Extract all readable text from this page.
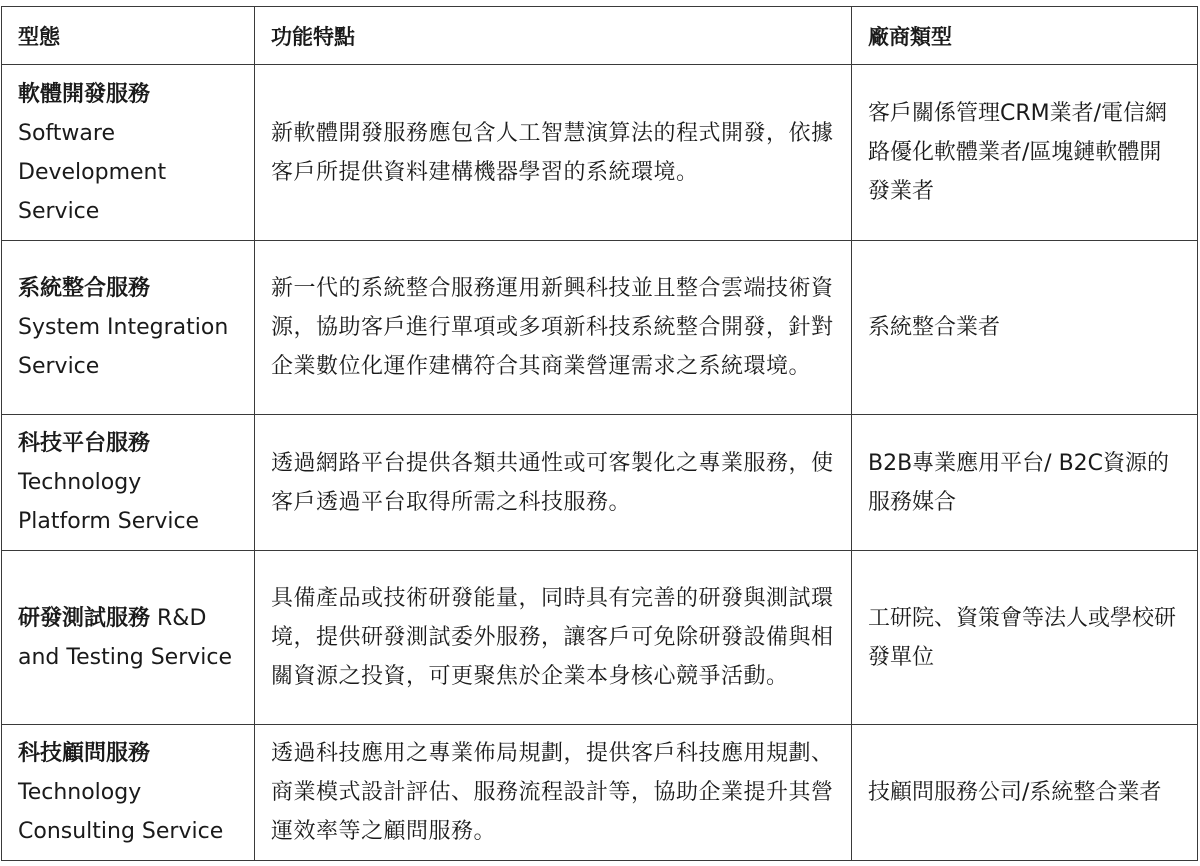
型態	功能特點	廠商類型
軟體開發服務 Software Development Service	新軟體開發服務應包含人工智慧演算法的程式開發，依據客戶所提供資料建構機器學習的系統環境。	客戶關係管理CRM業者/電信網路優化軟體業者/區塊鏈軟體開發業者
系統整合服務 System Integration Service	新一代的系統整合服務運用新興科技並且整合雲端技術資源，協助客戶進行單項或多項新科技系統整合開發，針對企業數位化運作建構符合其商業營運需求之系統環境。	系統整合業者
科技平台服務 Technology Platform Service	透過網路平台提供各類共通性或可客製化之專業服務，使客戶透過平台取得所需之科技服務。	B2B專業應用平台/ B2C資源的服務媒合
研發測試服務 R&D and Testing Service	具備產品或技術研發能量，同時具有完善的研發與測試環境，提供研發測試委外服務，讓客戶可免除研發設備與相關資源之投資，可更聚焦於企業本身核心競爭活動。	工研院、資策會等法人或學校研發單位
科技顧問服務 Technology Consulting Service	透過科技應用之專業佈局規劃，提供客戶科技應用規劃、商業模式設計評估、服務流程設計等，協助企業提升其營運效率等之顧問服務。	技顧問服務公司/系統整合業者
